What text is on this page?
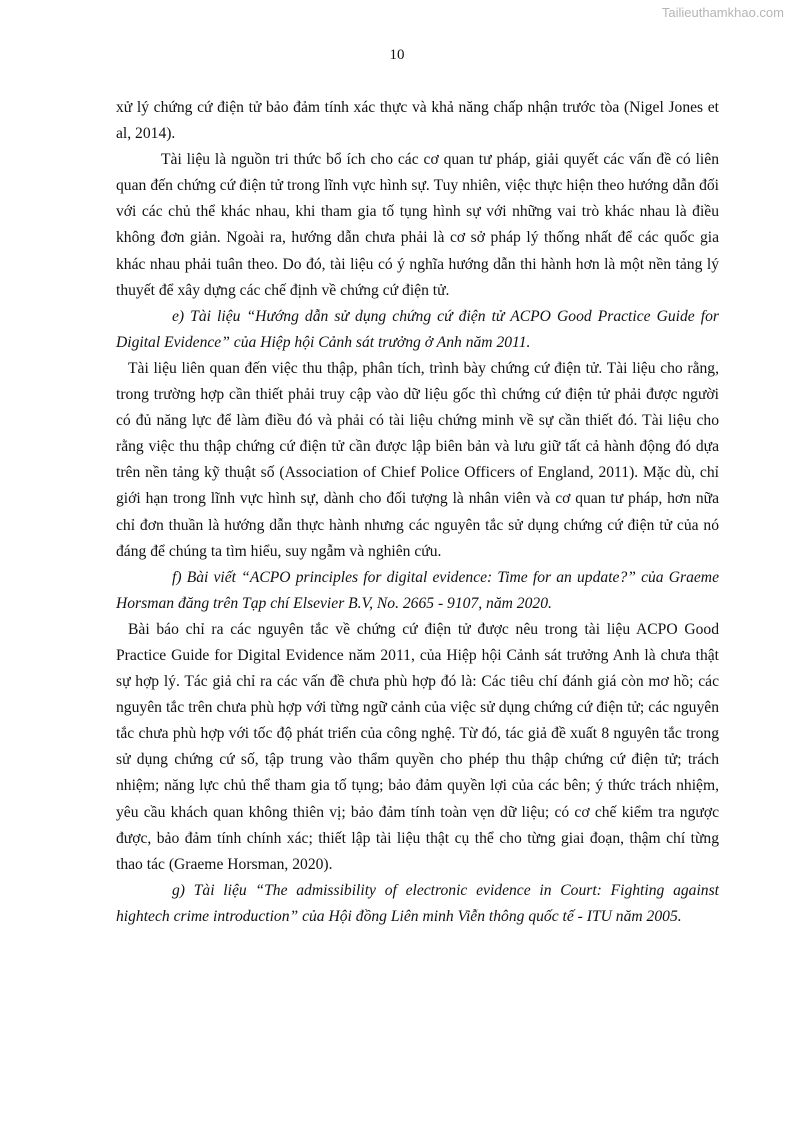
Tailieuthamkhao.com
10

xử lý chứng cứ điện tử bảo đảm tính xác thực và khả năng chấp nhận trước tòa (Nigel Jones et al, 2014).

Tài liệu là nguồn tri thức bổ ích cho các cơ quan tư pháp, giải quyết các vấn đề có liên quan đến chứng cứ điện tử trong lĩnh vực hình sự. Tuy nhiên, việc thực hiện theo hướng dẫn đối với các chủ thể khác nhau, khi tham gia tố tụng hình sự với những vai trò khác nhau là điều không đơn giản. Ngoài ra, hướng dẫn chưa phải là cơ sở pháp lý thống nhất để các quốc gia khác nhau phải tuân theo. Do đó, tài liệu có ý nghĩa hướng dẫn thi hành hơn là một nền tảng lý thuyết để xây dựng các chế định về chứng cứ điện tử.

e) Tài liệu “Hướng dẫn sử dụng chứng cứ điện tử ACPO Good Practice Guide for Digital Evidence” của Hiệp hội Cảnh sát trưởng ở Anh năm 2011.

Tài liệu liên quan đến việc thu thập, phân tích, trình bày chứng cứ điện tử. Tài liệu cho rằng, trong trường hợp cần thiết phải truy cập vào dữ liệu gốc thì chứng cứ điện tử phải được người có đủ năng lực để làm điều đó và phải có tài liệu chứng minh về sự cần thiết đó. Tài liệu cho rằng việc thu thập chứng cứ điện tử cần được lập biên bản và lưu giữ tất cả hành động đó dựa trên nền tảng kỹ thuật số (Association of Chief Police Officers of England, 2011). Mặc dù, chỉ giới hạn trong lĩnh vực hình sự, dành cho đối tượng là nhân viên và cơ quan tư pháp, hơn nữa chỉ đơn thuần là hướng dẫn thực hành nhưng các nguyên tắc sử dụng chứng cứ điện tử của nó đáng để chúng ta tìm hiểu, suy ngẫm và nghiên cứu.

f) Bài viết “ACPO principles for digital evidence: Time for an update?” của Graeme Horsman đăng trên Tạp chí Elsevier B.V, No. 2665 - 9107, năm 2020.

Bài báo chỉ ra các nguyên tắc về chứng cứ điện tử được nêu trong tài liệu ACPO Good Practice Guide for Digital Evidence năm 2011, của Hiệp hội Cảnh sát trưởng Anh là chưa thật sự hợp lý. Tác giả chỉ ra các vấn đề chưa phù hợp đó là: Các tiêu chí đánh giá còn mơ hồ; các nguyên tắc trên chưa phù hợp với từng ngữ cảnh của việc sử dụng chứng cứ điện tử; các nguyên tắc chưa phù hợp với tốc độ phát triển của công nghệ. Từ đó, tác giả đề xuất 8 nguyên tắc trong sử dụng chứng cứ số, tập trung vào thẩm quyền cho phép thu thập chứng cứ điện tử; trách nhiệm; năng lực chủ thể tham gia tố tụng; bảo đảm quyền lợi của các bên; ý thức trách nhiệm, yêu cầu khách quan không thiên vị; bảo đảm tính toàn vẹn dữ liệu; có cơ chế kiểm tra ngược được, bảo đảm tính chính xác; thiết lập tài liệu thật cụ thể cho từng giai đoạn, thậm chí từng thao tác (Graeme Horsman, 2020).

g) Tài liệu “The admissibility of electronic evidence in Court: Fighting against hightech crime introduction” của Hội đồng Liên minh Viễn thông quốc tế - ITU năm 2005.
